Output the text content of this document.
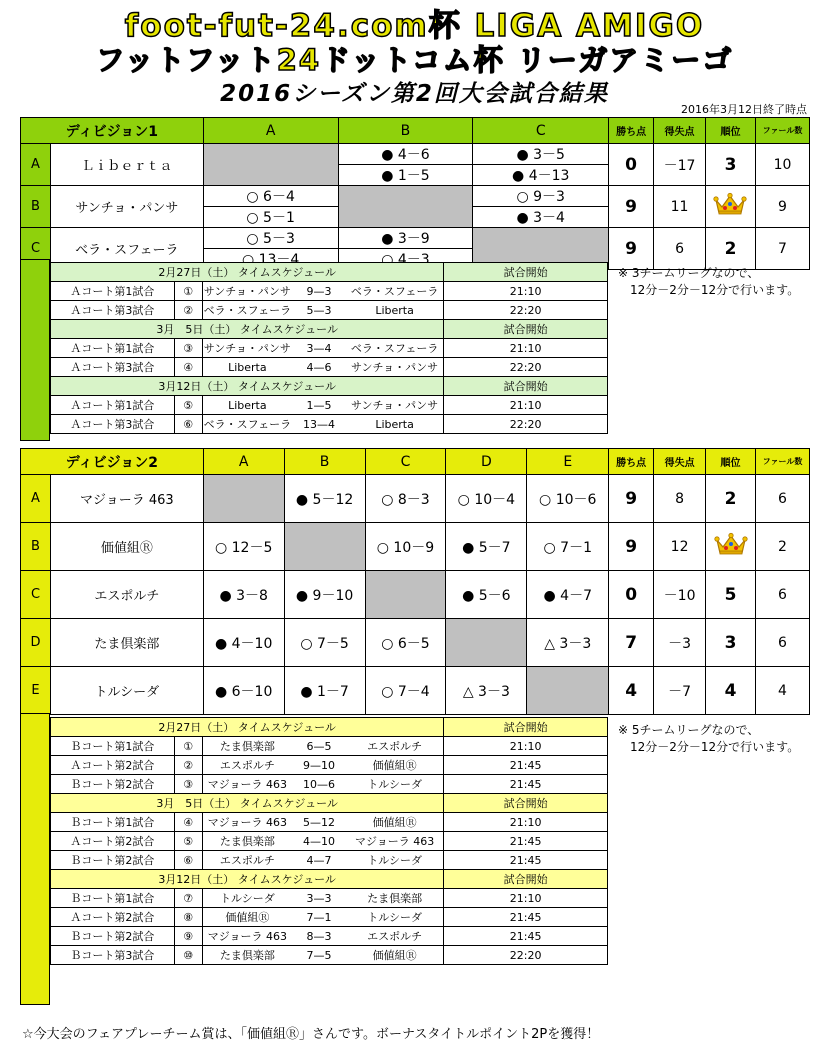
foot-fut-24.com杯 LIGA AMIGO
フットフット24ドットコム杯 リーガアミーゴ
2016シーズン第2回大会試合結果
2016年3月12日終了時点
ディビジョン1		A	B	C	勝ち点	得失点	順位	ファール数
A	Ｌｉｂｅｒｔａ		● 4－6	● 3－5	0	－17	3	10
			● 1－5	● 4－13				
B	サンチョ・パンサ	○ 6－4		○ 9－3	9	11		9
		○ 5－1		● 3－4				
C	ベラ・スフェーラ	○ 5－3	● 3－9		9	6	2	7
		○ 13－4	○ 4－3					
2月27日（土） タイムスケジュール					試合開始
Ａコート第1試合	①	サンチョ・パンサ	9—3	ベラ・スフェーラ	21:10
Ａコート第3試合	②	ベラ・スフェーラ	5—3	Liberta	22:20
3月　5日（土） タイムスケジュール					試合開始
Ａコート第1試合	③	サンチョ・パンサ	3—4	ベラ・スフェーラ	21:10
Ａコート第3試合	④	Liberta	4—6	サンチョ・パンサ	22:20
3月12日（土） タイムスケジュール					試合開始
Ａコート第1試合	⑤	Liberta	1—5	サンチョ・パンサ	21:10
Ａコート第3試合	⑥	ベラ・スフェーラ	13—4	Liberta	22:20
※ 3チームリーグなので、
12分－2分－12分で行います。
ディビジョン2		A	B	C	D	E	勝ち点	得失点	順位	ファール数
A	マジョーラ 463		● 5－12	○ 8－3	○ 10－4	○ 10－6	9	8	2	6
B	価値組Ⓡ	○ 12－5		○ 10－9	● 5－7	○ 7－1	9	12		2
C	エスポルチ	● 3－8	● 9－10		● 5－6	● 4－7	0	－10	5	6
D	たま倶楽部	● 4－10	○ 7－5	○ 6－5		△ 3－3	7	－3	3	6
E	トルシーダ	● 6－10	● 1－7	○ 7－4	△ 3－3		4	－7	4	4
2月27日（土） タイムスケジュール					試合開始
Ｂコート第1試合	①	たま倶楽部	6—5	エスポルチ	21:10
Ａコート第2試合	②	エスポルチ	9—10	価値組Ⓡ	21:45
Ｂコート第2試合	③	マジョーラ 463	10—6	トルシーダ	21:45
3月　5日（土） タイムスケジュール					試合開始
Ｂコート第1試合	④	マジョーラ 463	5—12	価値組Ⓡ	21:10
Ａコート第2試合	⑤	たま倶楽部	4—10	マジョーラ 463	21:45
Ｂコート第2試合	⑥	エスポルチ	4—7	トルシーダ	21:45
3月12日（土） タイムスケジュール					試合開始
Ｂコート第1試合	⑦	トルシーダ	3—3	たま倶楽部	21:10
Ａコート第2試合	⑧	価値組Ⓡ	7—1	トルシーダ	21:45
Ｂコート第2試合	⑨	マジョーラ 463	8—3	エスポルチ	21:45
Ｂコート第3試合	⑩	たま倶楽部	7—5	価値組Ⓡ	22:20
※ 5チームリーグなので、
12分－2分－12分で行います。
☆今大会のフェアプレーチーム賞は、「価値組Ⓡ」さんです。ボーナスタイトルポイント2Pを獲得！
